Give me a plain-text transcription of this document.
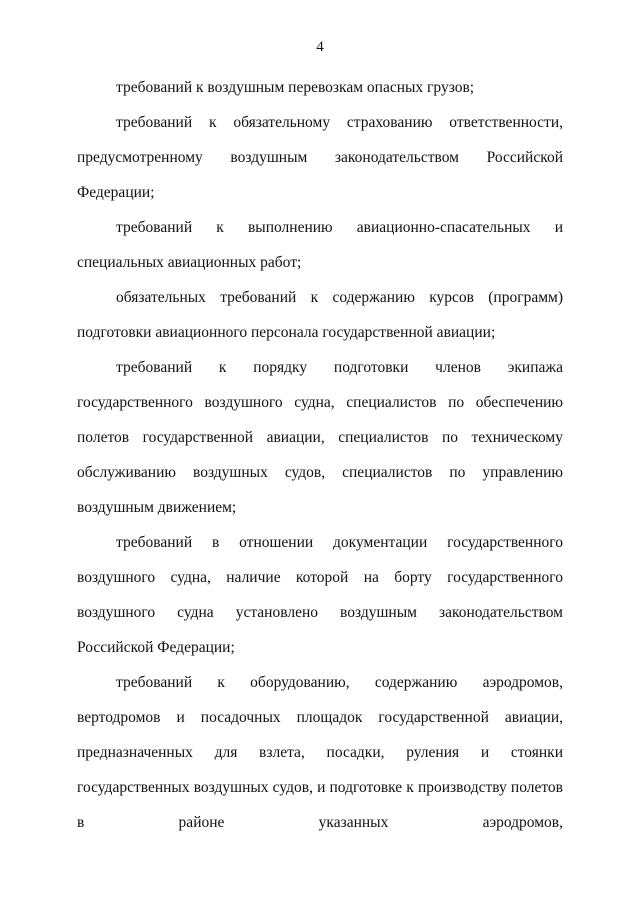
4

требований к воздушным перевозкам опасных грузов;

требований к обязательному страхованию ответственности, предусмотренному воздушным законодательством Российской Федерации;

требований к выполнению авиационно-спасательных и специальных авиационных работ;

обязательных требований к содержанию курсов (программ) подготовки авиационного персонала государственной авиации;

требований к порядку подготовки членов экипажа государственного воздушного судна, специалистов по обеспечению полетов государственной авиации, специалистов по техническому обслуживанию воздушных судов, специалистов по управлению воздушным движением;

требований в отношении документации государственного воздушного судна, наличие которой на борту государственного воздушного судна установлено воздушным законодательством Российской Федерации;

требований к оборудованию, содержанию аэродромов, вертодромов и посадочных площадок государственной авиации, предназначенных для взлета, посадки, руления и стоянки государственных воздушных судов, и подготовке к производству полетов в районе указанных аэродромов,
